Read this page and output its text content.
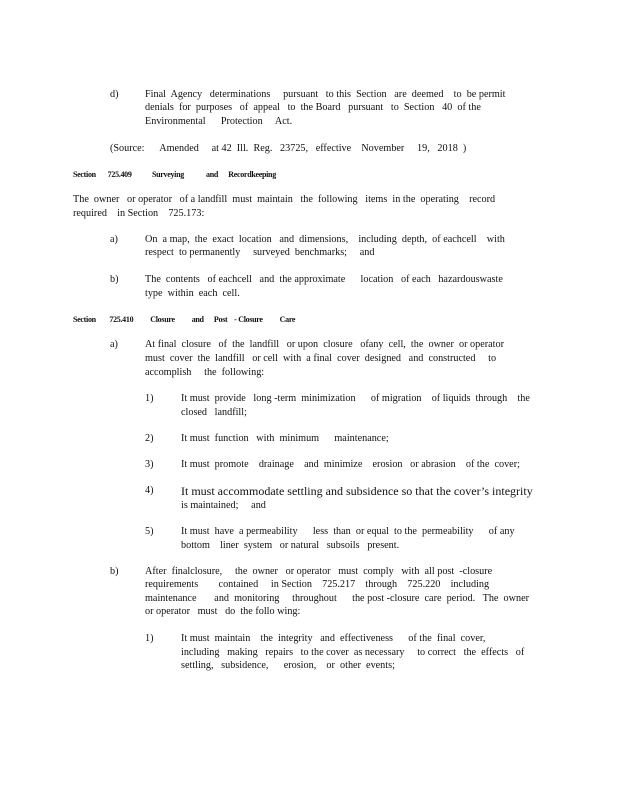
d)	Final  Agency   determinations     pursuant   to this  Section   are  deemed    to  be permit
denials  for  purposes   of  appeal   to  the Board   pursuant   to  Section   40  of the
Environmental      Protection     Act.
(Source:      Amended     at 42  Ill.  Reg.   23725,   effective    November     19,   2018  )
Section       725.409            Surveying             and      Recordkeeping
The  owner   or operator   of a landfill  must  maintain   the  following   items  in the  operating    record
required    in Section    725.173:
a)	On  a map,  the  exact  location   and  dimensions,    including  depth,  of eachcell    with
respect  to permanently     surveyed  benchmarks;     and
b)	The  contents   of eachcell   and  the approximate      location   of each   hazardouswaste
type  within  each  cell.
Section        725.410          Closure          and      Post    - Closure          Care
a)	At final  closure   of  the  landfill   or upon  closure   ofany  cell,  the  owner  or operator
must  cover  the  landfill   or cell  with  a final  cover  designed   and  constructed     to
accomplish     the  following:
1)	It must  provide   long -term  minimization      of migration    of liquids  through    the
closed   landfill;
2)	It must  function   with  minimum      maintenance;
3)	It must  promote    drainage    and  minimize    erosion   or abrasion    of the  cover;
4) It must accommodate settling and subsidence so that the cover’s integrity
is maintained;     and
5)	It must  have  a permeability      less  than  or equal  to the  permeability      of any
bottom    liner  system   or natural   subsoils   present.
b)	After  finalclosure,     the  owner   or operator   must  comply   with  all post  -closure
requirements        contained     in Section    725.217    through    725.220    including
maintenance       and  monitoring     throughout      the post -closure  care  period.   The  owner
or operator   must   do  the follo wing:
1)	It must  maintain    the  integrity   and  effectiveness      of the  final  cover,
including   making   repairs   to the cover  as necessary     to correct   the  effects   of
settling,   subsidence,      erosion,    or  other  events;
